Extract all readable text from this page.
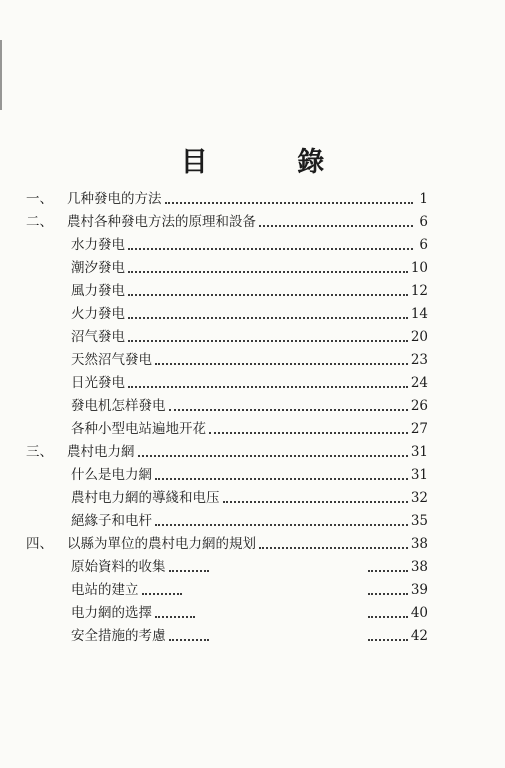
目 錄
一、	几种發电的方法	1
二、	農村各种發电方法的原理和設备	6
水力發电	6
潮汐發电	10
風力發电	12
火力發电	14
沼气發电	20
天然沼气發电	23
日光發电	24
發电机怎样發电	26
各种小型电站遍地开花	27
三、	農村电力網	31
什么是电力網	31
農村电力網的導綫和电压	32
絕緣子和电杆	35
四、	以縣为單位的農村电力網的規划	38
原始資料的收集	38
电站的建立	39
电力網的选擇	40
安全措施的考慮	42
